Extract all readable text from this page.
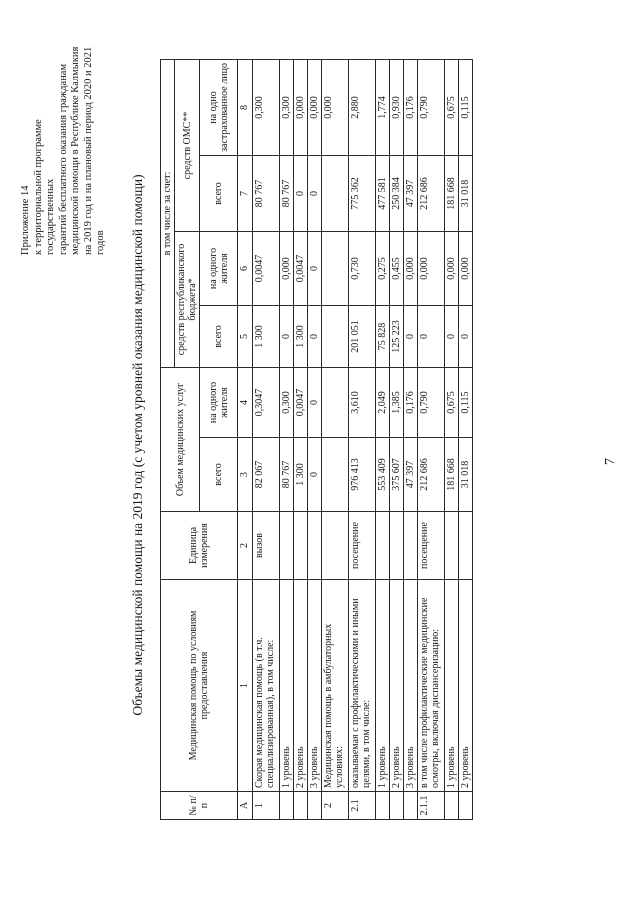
Приложение 14 к территориальной программе государственных гарантий бесплатного оказания гражданам медицинской помощи в Республике Калмыкия на 2019 год и на плановый период 2020 и 2021 годов Объемы медицинской помощи на 2019 год (с учетом уровней оказания медицинской помощи)
№ п/п	Медицинская помощь по условиям предоставления	Единица измерения	Объем медицинских услуг		в том числе за счет:			
					средств республиканского бюджета*		средств ОМС**	
			всего	на одного жителя	всего	на одного жителя	всего	на одно застрахованное лицо
А	1	2	3	4	5	6	7	8
1	Скорая медицинская помощь (в т.ч. специализированная), в том числе:	вызов	82 067	0,3047	1 300	0,0047	80 767	0,300
	1 уровень		80 767	0,300	0	0,000	80 767	0,300
	2 уровень		1 300	0,0047	1 300	0,0047	0	0,000
	3 уровень		0	0	0	0	0	0,000
2	Медицинская помощь в амбулаторных условиях:							0,000
2.1	оказываемая с профилактическими и иными целями, в том числе:	посещение	976 413	3,610	201 051	0,730	775 362	2,880
	1 уровень		553 409	2,049	75 828	0,275	477 581	1,774
	2 уровень		375 607	1,385	125 223	0,455	250 384	0,930
	3 уровень		47 397	0,176	0	0,000	47 397	0,176
2.1.1	в том числе профилактические медицинские осмотры, включая диспансеризацию:	посещение	212 686	0,790	0	0,000	212 686	0,790
	1 уровень		181 668	0,675	0	0,000	181 668	0,675
	2 уровень		31 018	0,115	0	0,000	31 018	0,115
7
